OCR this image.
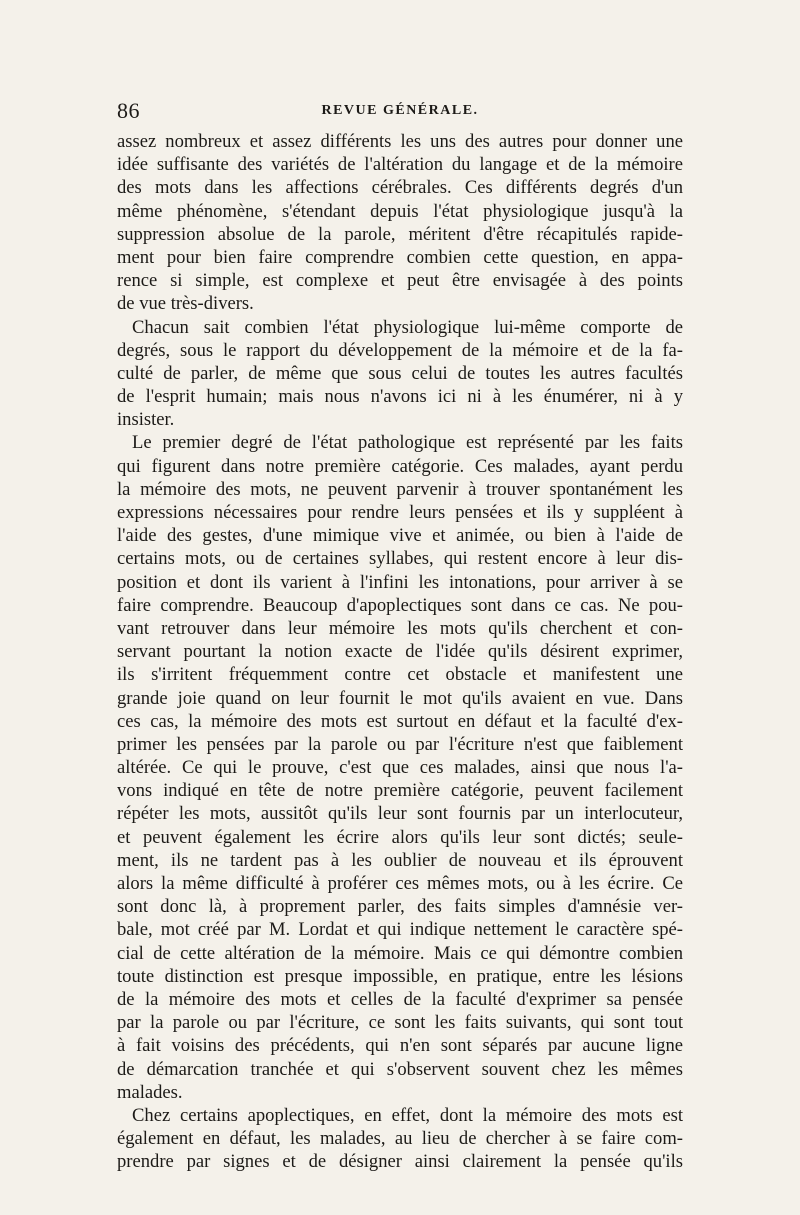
86	REVUE GÉNÉRALE.
assez nombreux et assez différents les uns des autres pour donner une
idée suffisante des variétés de l'altération du langage et de la mémoire
des mots dans les affections cérébrales. Ces différents degrés d'un
même phénomène, s'étendant depuis l'état physiologique jusqu'à la
suppression absolue de la parole, méritent d'être récapitulés rapide-
ment pour bien faire comprendre combien cette question, en appa-
rence si simple, est complexe et peut être envisagée à des points
de vue très-divers.
Chacun sait combien l'état physiologique lui-même comporte de
degrés, sous le rapport du développement de la mémoire et de la fa-
culté de parler, de même que sous celui de toutes les autres facultés
de l'esprit humain; mais nous n'avons ici ni à les énumérer, ni à y
insister.
Le premier degré de l'état pathologique est représenté par les faits
qui figurent dans notre première catégorie. Ces malades, ayant perdu
la mémoire des mots, ne peuvent parvenir à trouver spontanément les
expressions nécessaires pour rendre leurs pensées et ils y suppléent à
l'aide des gestes, d'une mimique vive et animée, ou bien à l'aide de
certains mots, ou de certaines syllabes, qui restent encore à leur dis-
position et dont ils varient à l'infini les intonations, pour arriver à se
faire comprendre. Beaucoup d'apoplectiques sont dans ce cas. Ne pou-
vant retrouver dans leur mémoire les mots qu'ils cherchent et con-
servant pourtant la notion exacte de l'idée qu'ils désirent exprimer,
ils s'irritent fréquemment contre cet obstacle et manifestent une
grande joie quand on leur fournit le mot qu'ils avaient en vue. Dans
ces cas, la mémoire des mots est surtout en défaut et la faculté d'ex-
primer les pensées par la parole ou par l'écriture n'est que faiblement
altérée. Ce qui le prouve, c'est que ces malades, ainsi que nous l'a-
vons indiqué en tête de notre première catégorie, peuvent facilement
répéter les mots, aussitôt qu'ils leur sont fournis par un interlocuteur,
et peuvent également les écrire alors qu'ils leur sont dictés; seule-
ment, ils ne tardent pas à les oublier de nouveau et ils éprouvent
alors la même difficulté à proférer ces mêmes mots, ou à les écrire. Ce
sont donc là, à proprement parler, des faits simples d'amnésie ver-
bale, mot créé par M. Lordat et qui indique nettement le caractère spé-
cial de cette altération de la mémoire. Mais ce qui démontre combien
toute distinction est presque impossible, en pratique, entre les lésions
de la mémoire des mots et celles de la faculté d'exprimer sa pensée
par la parole ou par l'écriture, ce sont les faits suivants, qui sont tout
à fait voisins des précédents, qui n'en sont séparés par aucune ligne
de démarcation tranchée et qui s'observent souvent chez les mêmes
malades.
Chez certains apoplectiques, en effet, dont la mémoire des mots est
également en défaut, les malades, au lieu de chercher à se faire com-
prendre par signes et de désigner ainsi clairement la pensée qu'ils
